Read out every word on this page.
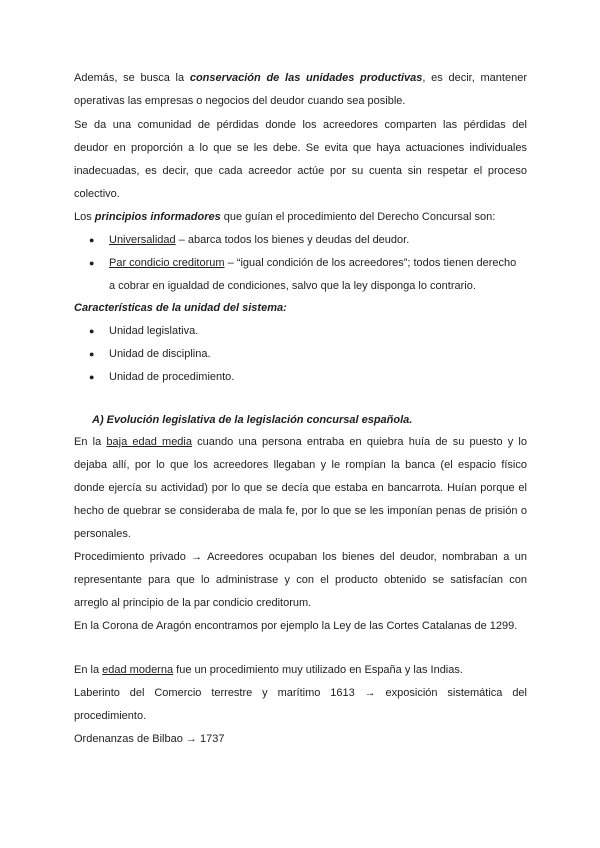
Además, se busca la conservación de las unidades productivas, es decir, mantener
operativas las empresas o negocios del deudor cuando sea posible.
Se da una comunidad de pérdidas donde los acreedores comparten las pérdidas del
deudor en proporción a lo que se les debe. Se evita que haya actuaciones individuales
inadecuadas, es decir, que cada acreedor actúe por su cuenta sin respetar el proceso
colectivo.
Los principios informadores que guían el procedimiento del Derecho Concursal son:
● Universalidad – abarca todos los bienes y deudas del deudor.
● Par condicio creditorum – “igual condición de los acreedores”; todos tienen derecho
a cobrar en igualdad de condiciones, salvo que la ley disponga lo contrario.
Características de la unidad del sistema:
● Unidad legislativa.
● Unidad de disciplina.
● Unidad de procedimiento.
A) Evolución legislativa de la legislación concursal española.
En la baja edad media cuando una persona entraba en quiebra huía de su puesto y lo
dejaba allí, por lo que los acreedores llegaban y le rompían la banca (el espacio físico
donde ejercía su actividad) por lo que se decía que estaba en bancarrota. Huían porque el
hecho de quebrar se consideraba de mala fe, por lo que se les imponían penas de prisión o
personales.
Procedimiento privado → Acreedores ocupaban los bienes del deudor, nombraban a un
representante para que lo administrase y con el producto obtenido se satisfacían con
arreglo al principio de la par condicio creditorum.
En la Corona de Aragón encontramos por ejemplo la Ley de las Cortes Catalanas de 1299.
En la edad moderna fue un procedimiento muy utilizado en España y las Indias.
Laberinto del Comercio terrestre y marítimo 1613 → exposición sistemática del
procedimiento.
Ordenanzas de Bilbao → 1737
